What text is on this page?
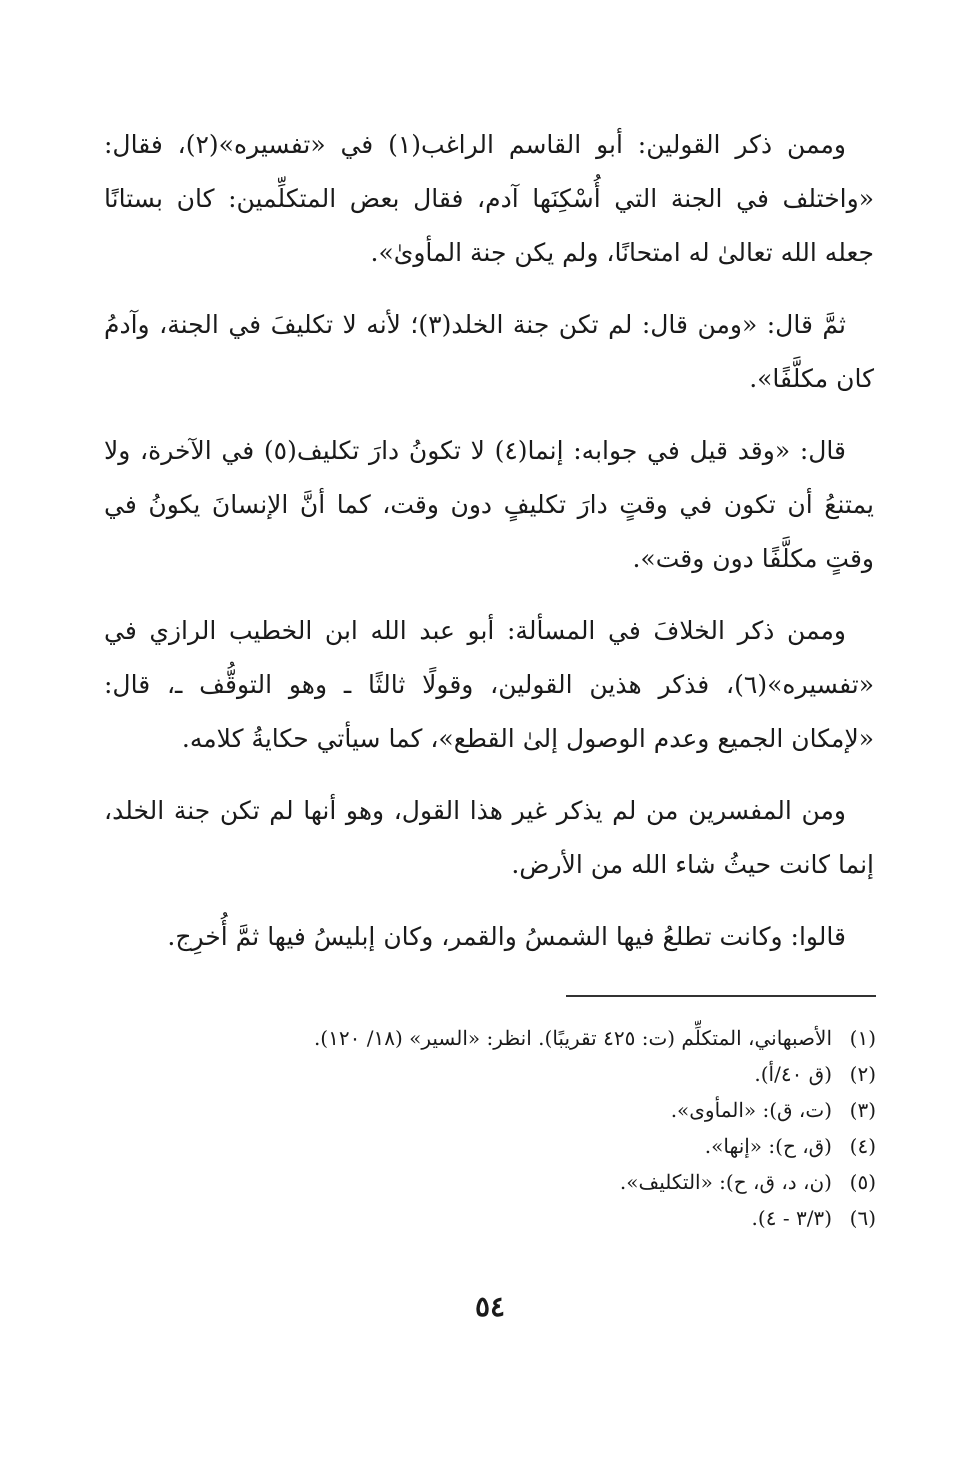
وممن ذكر القولين: أبو القاسم الراغب(١) في «تفسيره»(٢)، فقال: «واختلف في الجنة التي أُسْكِنَها آدم، فقال بعض المتكلِّمين: كان بستانًا جعله الله تعالىٰ له امتحانًا، ولم يكن جنة المأوىٰ».

ثمَّ قال: «ومن قال: لم تكن جنة الخلد(٣)؛ لأنه لا تكليفَ في الجنة، وآدمُ كان مكلَّفًا».

قال: «وقد قيل في جوابه: إنما(٤) لا تكونُ دارَ تكليف(٥) في الآخرة، ولا يمتنعُ أن تكون في وقتٍ دارَ تكليفٍ دون وقت، كما أنَّ الإنسانَ يكونُ في وقتٍ مكلَّفًا دون وقت».

وممن ذكر الخلافَ في المسألة: أبو عبد الله ابن الخطيب الرازي في «تفسيره»(٦)، فذكر هذين القولين، وقولًا ثالثًا ـ وهو التوقُّف ـ، قال: «لإمكان الجميع وعدم الوصول إلىٰ القطع»، كما سيأتي حكايةُ كلامه.

ومن المفسرين من لم يذكر غير هذا القول، وهو أنها لم تكن جنة الخلد، إنما كانت حيثُ شاء الله من الأرض.

قالوا: وكانت تطلعُ فيها الشمسُ والقمر، وكان إبليسُ فيها ثمَّ أُخرِج.

(١)الأصبهاني، المتكلِّم (ت: ٤٢٥ تقريبًا). انظر: «السير» (١٨/ ١٢٠).

(٢)(ق ٤٠/أ).

(٣)(ت، ق): «المأوى».

(٤)(ق، ح): «إنها».

(٥)(ن، د، ق، ح): «التكليف».

(٦)(٣/٣ - ٤).

٥٤
